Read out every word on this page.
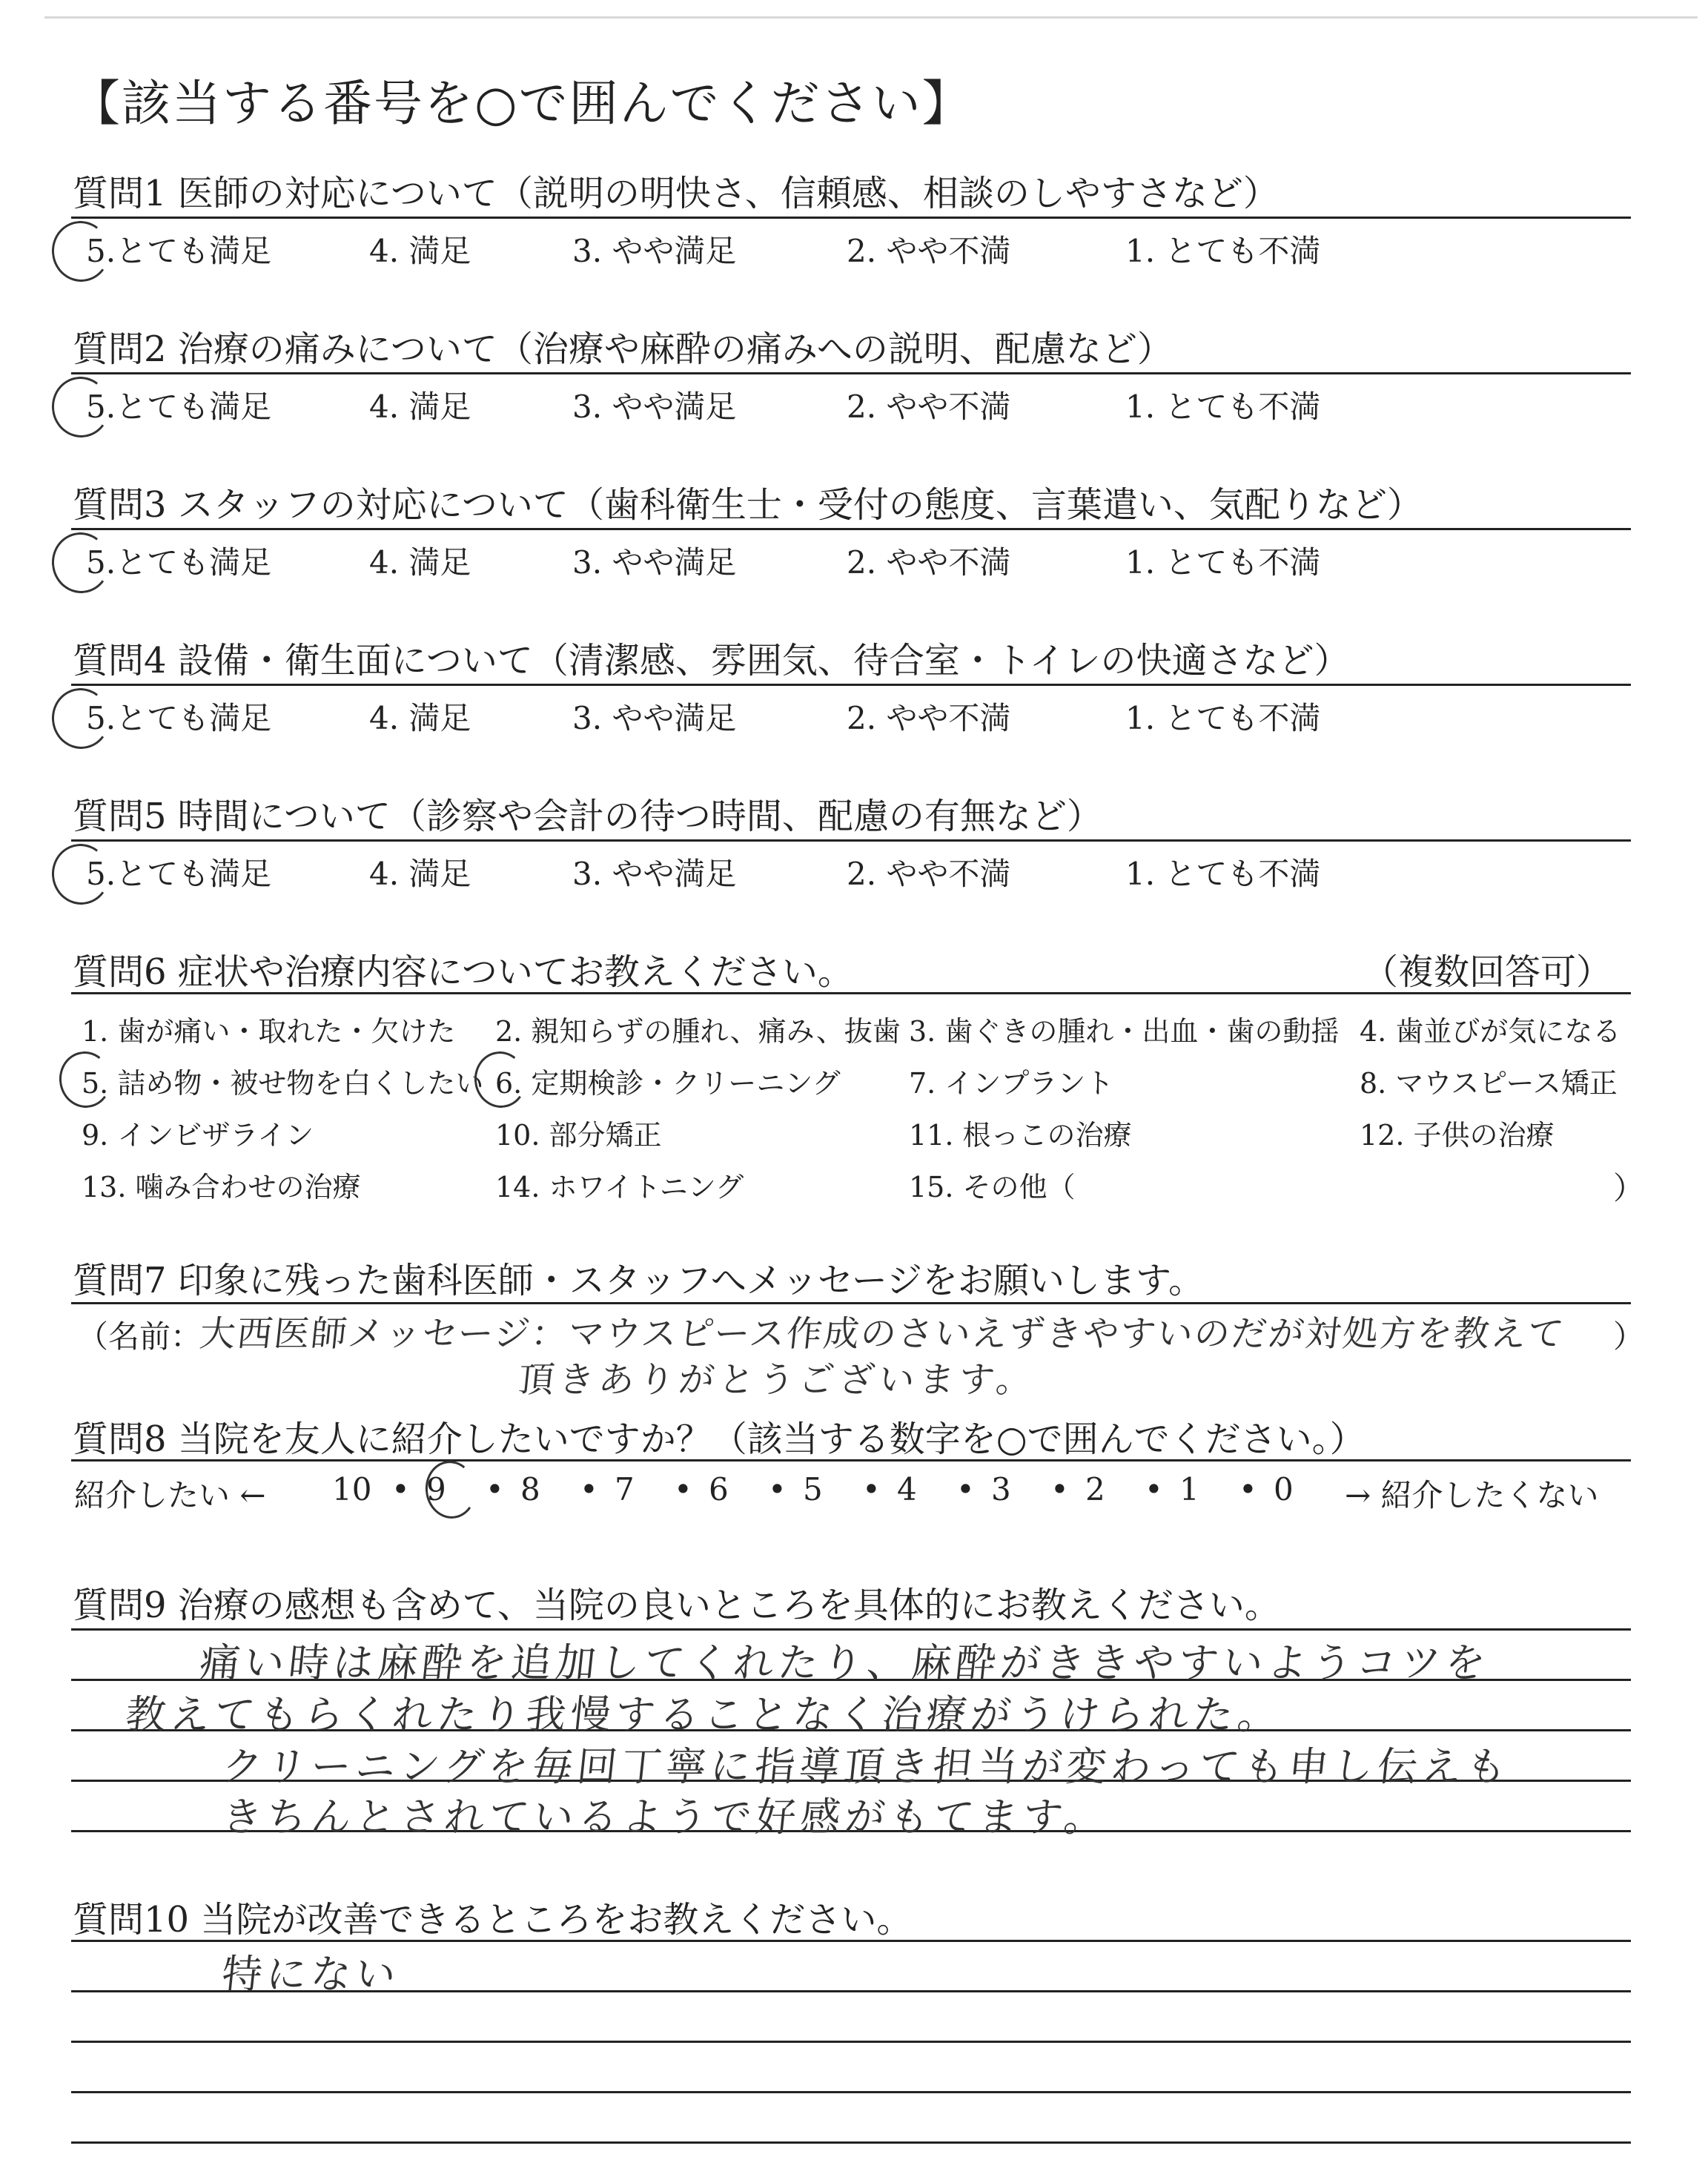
【該当する番号を○で囲んでください】
質問1 医師の対応について（説明の明快さ、信頼感、相談のしやすさなど）
5.とても満足	4. 満足	3. やや満足	2. やや不満	1. とても不満
質問2 治療の痛みについて（治療や麻酔の痛みへの説明、配慮など）
5.とても満足	4. 満足	3. やや満足	2. やや不満	1. とても不満
質問3 スタッフの対応について（歯科衛生士・受付の態度、言葉遣い、気配りなど）
5.とても満足	4. 満足	3. やや満足	2. やや不満	1. とても不満
質問4 設備・衛生面について（清潔感、雰囲気、待合室・トイレの快適さなど）
5.とても満足	4. 満足	3. やや満足	2. やや不満	1. とても不満
質問5 時間について（診察や会計の待つ時間、配慮の有無など）
5.とても満足	4. 満足	3. やや満足	2. やや不満	1. とても不満
質問6 症状や治療内容についてお教えください。	（複数回答可）
1. 歯が痛い・取れた・欠けた 2. 親知らずの腫れ、痛み、抜歯 3. 歯ぐきの腫れ・出血・歯の動揺 4. 歯並びが気になる
5. 詰め物・被せ物を白くしたい 6. 定期検診・クリーニング 7. インプラント	8. マウスピース矯正
9. インビザライン	10. 部分矯正	11. 根っこの治療	12. 子供の治療
13. 噛み合わせの治療	14. ホワイトニング	15. その他（	）
質問7 印象に残った歯科医師・スタッフへメッセージをお願いします。
（名前：
大西医師メッセージ：マウスピース作成のさいえずきやすいのだが対処方を教えて ）
頂きありがとうございます。
質問8 当院を友人に紹介したいですか？（該当する数字を○で囲んでください。）
紹介したい ← 10 • 9 • 8 • 7 • 6 • 5 • 4 • 3 • 2 • 1 • 0 → 紹介したくない
質問9 治療の感想も含めて、当院の良いところを具体的にお教えください。
痛い時は麻酔を追加してくれたり、麻酔がききやすいようコツを
教えてもらくれたり我慢することなく治療がうけられた。
クリーニングを毎回丁寧に指導頂き担当が変わっても申し伝えも
きちんとされているようで好感がもてます。
質問10 当院が改善できるところをお教えください。
特にない
